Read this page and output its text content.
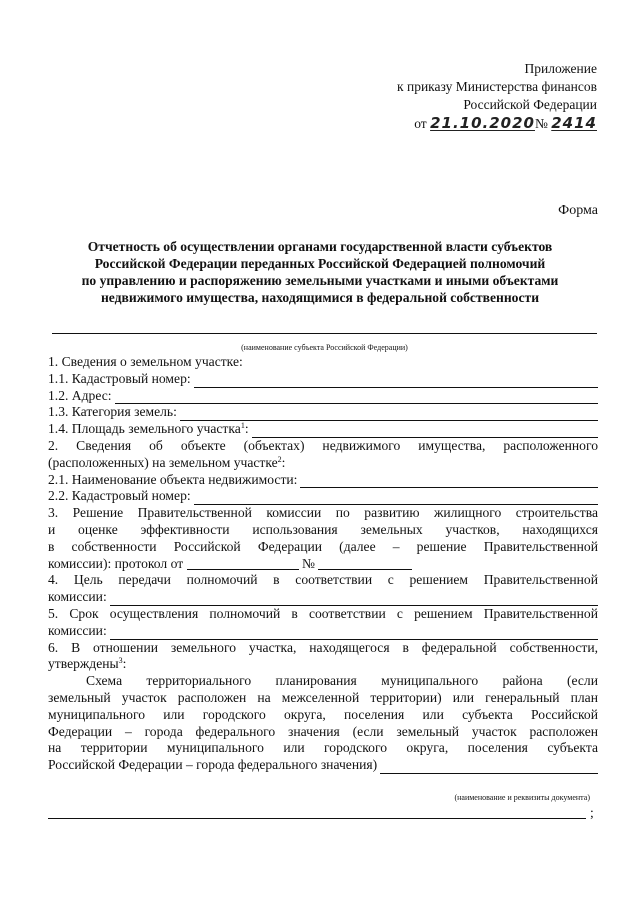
Приложение
к приказу Министерства финансов
Российской Федерации
от 21.10.2020№ 2414
Форма
Отчетность об осуществлении органами государственной власти субъектов
Российской Федерации переданных Российской Федерацией полномочий
по управлению и распоряжению земельными участками и иными объектами
недвижимого имущества, находящимися в федеральной собственности
(наименование субъекта Российской Федерации)
1. Сведения о земельном участке:
1.1. Кадастровый номер:
1.2. Адрес:
1.3. Категория земель:
1.4. Площадь земельного участка$^1$:
2. Сведения об объекте (объектах) недвижимого имущества, расположенного
(расположенных) на земельном участке$^2$:
2.1. Наименование объекта недвижимости:
2.2. Кадастровый номер:
3. Решение Правительственной комиссии по развитию жилищного строительства
и оценке эффективности использования земельных участков, находящихся
в собственности Российской Федерации (далее – решение Правительственной
комиссии): протокол от	№
4. Цель передачи полномочий в соответствии с решением Правительственной
комиссии:
5. Срок осуществления полномочий в соответствии с решением Правительственной
комиссии:
6. В отношении земельного участка, находящегося в федеральной собственности,
утверждены$^3$:
Схема территориального планирования муниципального района (если
земельный участок расположен на межселенной территории) или генеральный план
муниципального или городского округа, поселения или субъекта Российской
Федерации – города федерального значения (если земельный участок расположен
на территории муниципального или городского округа, поселения субъекта
Российской Федерации – города федерального значения)
(наименование и реквизиты документа)
;
